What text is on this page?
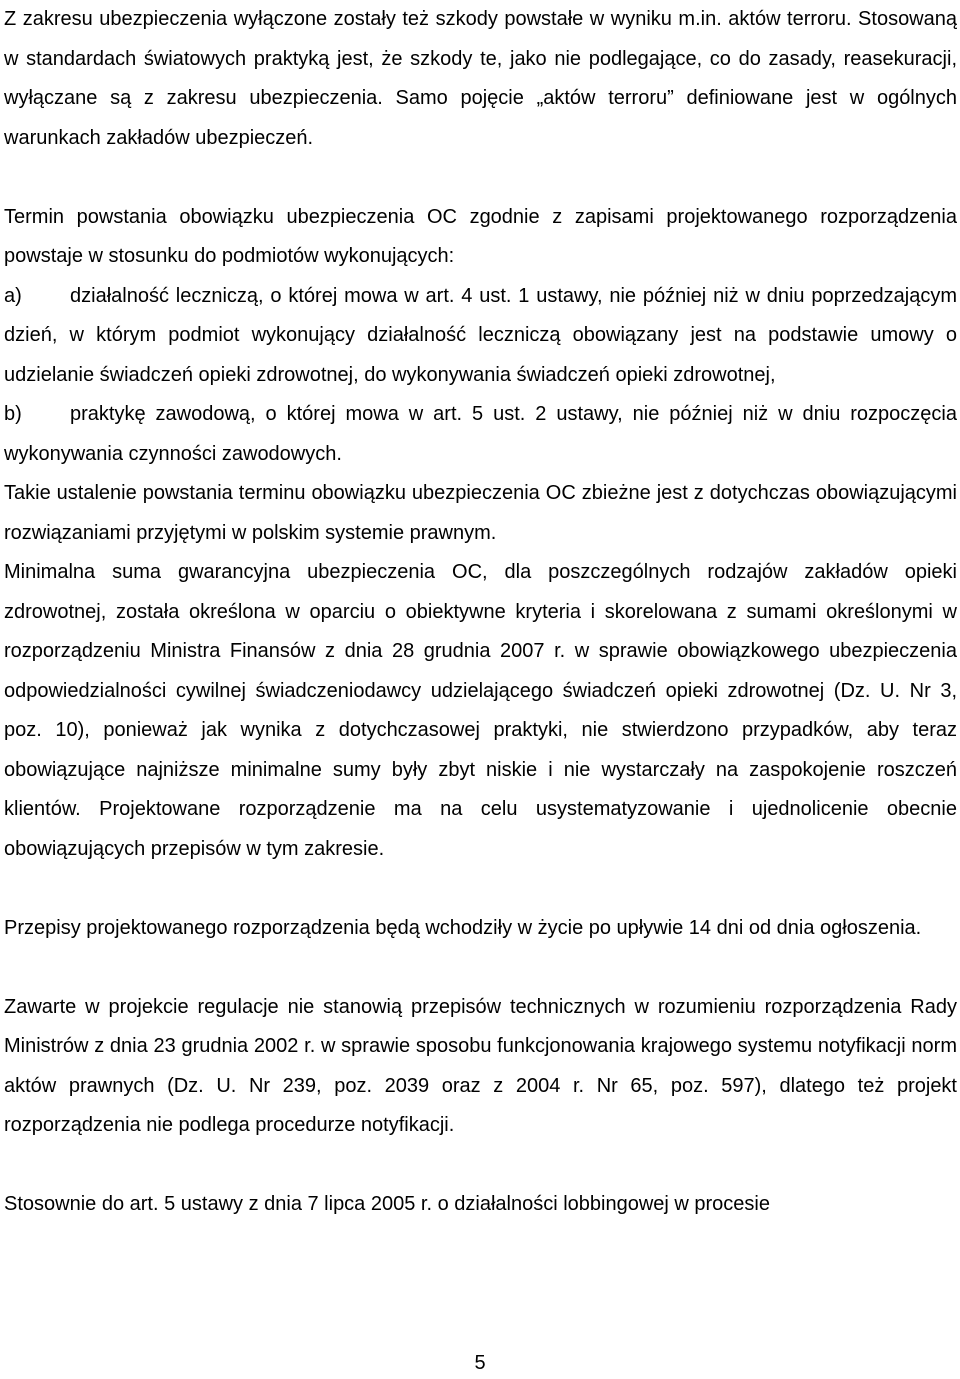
Z zakresu ubezpieczenia wyłączone zostały też szkody powstałe w wyniku m.in. aktów terroru. Stosowaną w standardach światowych praktyką jest, że szkody te, jako nie podlegające, co do zasady, reasekuracji, wyłączane są z zakresu ubezpieczenia. Samo pojęcie „aktów terroru” definiowane jest w ogólnych warunkach zakładów ubezpieczeń.

Termin powstania obowiązku ubezpieczenia OC zgodnie z zapisami projektowanego rozporządzenia powstaje w stosunku do podmiotów wykonujących:

a) działalność leczniczą, o której mowa w art. 4 ust. 1 ustawy, nie później niż w dniu poprzedzającym dzień, w którym podmiot wykonujący działalność leczniczą obowiązany jest na podstawie umowy o udzielanie świadczeń opieki zdrowotnej, do wykonywania świadczeń opieki zdrowotnej,

b) praktykę zawodową, o której mowa w art. 5 ust. 2 ustawy, nie później niż w dniu rozpoczęcia wykonywania czynności zawodowych.

Takie ustalenie powstania terminu obowiązku ubezpieczenia OC zbieżne jest z dotychczas obowiązującymi rozwiązaniami przyjętymi w polskim systemie prawnym.

Minimalna suma gwarancyjna ubezpieczenia OC, dla poszczególnych rodzajów zakładów opieki zdrowotnej, została określona w oparciu o obiektywne kryteria i skorelowana z sumami określonymi w rozporządzeniu Ministra Finansów z dnia 28 grudnia 2007 r. w sprawie obowiązkowego ubezpieczenia odpowiedzialności cywilnej świadczeniodawcy udzielającego świadczeń opieki zdrowotnej (Dz. U. Nr 3, poz. 10), ponieważ jak wynika z dotychczasowej praktyki, nie stwierdzono przypadków, aby teraz obowiązujące najniższe minimalne sumy były zbyt niskie i nie wystarczały na zaspokojenie roszczeń klientów. Projektowane rozporządzenie ma na celu usystematyzowanie i ujednolicenie obecnie obowiązujących przepisów w tym zakresie.

Przepisy projektowanego rozporządzenia będą wchodziły w życie po upływie 14 dni od dnia ogłoszenia.

Zawarte w projekcie regulacje nie stanowią przepisów technicznych w rozumieniu rozporządzenia Rady Ministrów z dnia 23 grudnia 2002 r. w sprawie sposobu funkcjonowania krajowego systemu notyfikacji norm aktów prawnych (Dz. U. Nr 239, poz. 2039 oraz z 2004 r. Nr 65, poz. 597), dlatego też projekt rozporządzenia nie podlega procedurze notyfikacji.

Stosownie do art. 5 ustawy z dnia 7 lipca 2005 r. o działalności lobbingowej w procesie

5
